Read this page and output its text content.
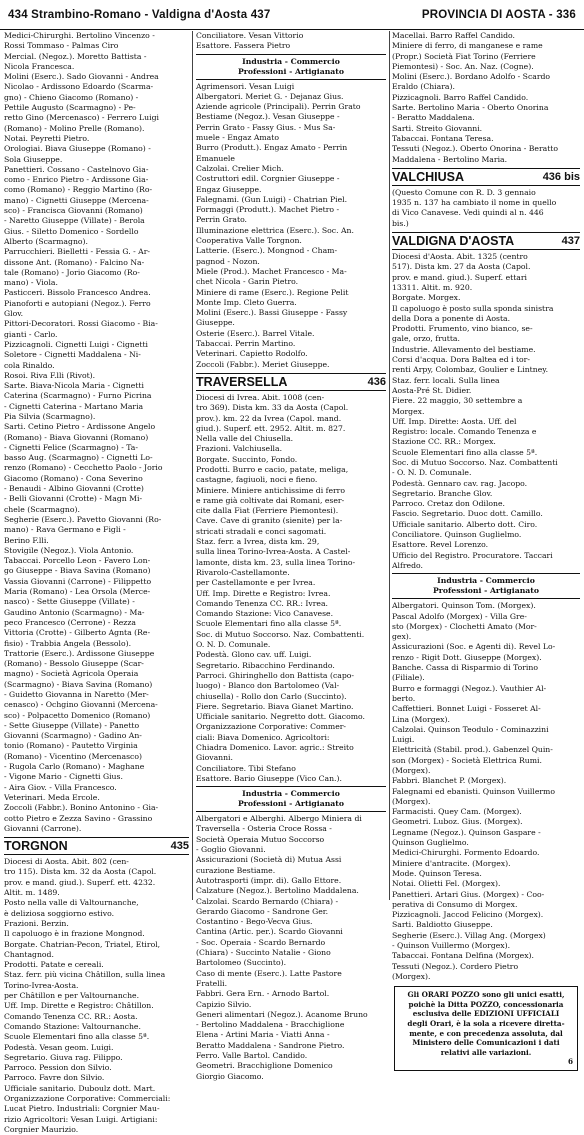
434 Strambino-Romano - Valdigna d'Aosta 437	PROVINCIA DI AOSTA - 336

Medici-Chirurghi. Bertolino Vincenzo -

Rossi Tommaso - Palmas Ciro

Mercial. (Negoz.). Moretto Battista -

Nicola Francesca.

Molini (Eserc.). Sado Giovanni - Andrea

Nicolao - Ardissono Edoardo (Scarma-

gno) - Chieno Giacomo (Romano) -

Pettile Augusto (Scarmagno) - Pe-

retto Gino (Mercenasco) - Ferrero Luigi

(Romano) - Molino Prelle (Romano).

Notai. Peyretti Pietro.

Orologiai. Biava Giuseppe (Romano) -

Sola Giuseppe.

Panettieri. Cossano - Castelnovo Gia-

como - Enrico Pietro - Ardissone Gia-

como (Romano) - Reggio Martino (Ro-

mano) - Cignetti Giuseppe (Mercena-

sco) - Francisca Giovanni (Romano)

- Naretto Giuseppe (Villate) - Berola

Gius. - Siletto Domenico - Sordello

Alberto (Scarmagno).

Parrucchieri. Bielletti - Fessia G. - Ar-

dissone Ant. (Romano) - Falcino Na-

tale (Romano) - Jorio Giacomo (Ro-

mano) - Viola.

Pasticceri. Bissolo Francesco Andrea.

Pianoforti e autopiani (Negoz.). Ferro

Glov.

Pittori-Decoratori. Rossi Giacomo - Bia-

gianti - Carlo.

Pizzicagnoli. Cignetti Luigi - Cignetti

Soletore - Cignetti Maddalena - Ni-

cola Rinaldo.

Rosoi. Riva F.lli (Rivot).

Sarte. Biava-Nicola Maria - Cignetti

Caterina (Scarmagno) - Furno Picrina

- Cignetti Caterina - Martano Maria

Pia Silvia (Scarmagno).

Sarti. Cetino Pietro - Ardissone Angelo

(Romano) - Biava Giovanni (Romano)

- Cignetti Felice (Scarmagno) - Ta-

basso Aug. (Scarmagno) - Cignetti Lo-

renzo (Romano) - Cecchetto Paolo - Jorio

Giacomo (Romano) - Cona Severino

- Benaudi - Albino Giovanni (Crotte)

- Belli Giovanni (Crotte) - Magn Mi-

chele (Scarmagno).

Segherie (Eserc.). Pavetto Giovanni (Ro-

mano) - Rava Germano e Figli -

Berino F.lli.

Stovigile (Negoz.). Viola Antonio.

Tabaccai. Porcello Leon - Favero Lon-

go Giuseppe - Biava Savina (Romano)

Vassia Giovanni (Carrone) - Filippetto

Maria (Romano) - Lea Orsola (Merce-

nasco) - Sette Giuseppe (Villate) -

Gaudino Antonio (Scarmagno) - Ma-

peco Francesco (Cerrone) - Rezza

Vittoria (Crotte) - Gilberto Agnta (Re-

fisio) - Trabbia Angela (Bessolo).

Trattorie (Eserc.). Ardissone Giuseppe

(Romano) - Bessolo Giuseppe (Scar-

magno) - Società Agricola Operaia

(Scarmagno) - Biava Savina (Romano)

- Guidetto Giovanna in Naretto (Mer-

cenasco) - Ochgino Giovanni (Mercena-

sco) - Polpacetto Domenico (Romano)

- Sette Giuseppe (Villate) - Panetto

Giovanni (Scarmagno) - Gadino An-

tonio (Romano) - Pautetto Virginia

(Romano) - Vicentino (Mercenasco)

- Rugola Carlo (Romano) - Maghane

- Vigone Mario - Cignetti Gius.

- Aira Giov. - Villa Francesco.

Veterinari. Meda Ercole.

Zoccoli (Fabbr.). Bonino Antonino - Gia-

cotto Pietro e Zezza Savino - Grassino

Giovanni (Carrone).

TORGNON	435

Diocesi di Aosta. Abit. 802 (cen-

tro 115). Dista km. 32 da Aosta (Capol.

prov. e mand. giud.). Superf. ett. 4232.

Altit. m. 1489.

Posto nella valle di Valtournanche,

è deliziosa soggiorno estivo.

Frazioni. Berzin.

Il capoluogo è in frazione Mongnod.

Borgate. Chatrian-Pecon, Triatel, Etirol,

Chantagnod.

Prodotti. Patate e cereali.

Staz. ferr. più vicina Châtillon, sulla linea

Torino-Ivrea-Aosta.

per Châtillon e per Valtournanche.

Uff. Imp. Dirette e Registro: Châtillon.

Comando Tenenza CC. RR.: Aosta.

Comando Stazione: Valtournanche.

Scuole Elementari fino alla classe 5ª.

Podestà. Vesan geom. Luigi.

Segretario. Giuva rag. Filippo.

Parroco. Pession don Silvio.

Parroco. Favre don Silvio.

Ufficiale sanitario. Duboulz dott. Mart.

Organizzazione Corporative: Commerciali:

Lucat Pietro. Industriali: Corgnier Mau-

rizio Agricoltori: Vesan Luigi. Artigiani:

Corgnier Maurizio.

Conciliatore. Vesan Vittorio

Esattore. Fassera Pietro

Industria - Commercio

Professioni - Artigianato

Agrimensori. Vesan Luigi

Albergatori. Meriet G. - Dejanaz Gius.

Aziende agricole (Principali). Perrin Grato

Bestiame (Negoz.). Vesan Giuseppe -

Perrin Grato - Fassy Gius. - Mus Sa-

muele - Engaz Amato

Burro (Produtt.). Engaz Amato - Perrin

Emanuele

Calzolai. Crelier Mich.

Costruttori edil. Corgnier Giuseppe -

Engaz Giuseppe.

Falegnami. (Gun Luigi) - Chatrian Piel.

Formaggi (Produtt.). Machet Pietro -

Perrin Grato.

Illuminazione elettrica (Eserc.). Soc. An.

Cooperativa Valle Torgnon.

Latterie. (Eserc.). Mongnod - Cham-

pagnod - Nozon.

Miele (Prod.). Machet Francesco - Ma-

chet Nicola - Garin Pietro.

Miniere di rame (Eserc.). Regione Pelit

Monte Imp. Cleto Guerra.

Molini (Eserc.). Bassi Giuseppe - Fassy

Giuseppe.

Osterie (Eserc.). Barrel Vitale.

Tabaccai. Perrin Martino.

Veterinari. Capietto Rodolfo.

Zoccoli (Fabbr.). Meriet Giuseppe.

TRAVERSELLA	436

Diocesi di Ivrea. Abit. 1008 (cen-

tro 369). Dista km. 33 da Aosta (Capol.

prov.). km. 22 da Ivrea (Capol. mand.

giud.). Superf. ett. 2952. Altit. m. 827.

Nella valle del Chiusella.

Frazioni. Valchiusella.

Borgate. Succinto, Fondo.

Prodotti. Burro e cacio, patate, meliga,

castagne, fagiuoli, noci e fieno.

Miniere. Miniere antichissime di ferro

e rame già coltivate dai Romani, eser-

cite dalla Fiat (Ferriere Piemontesi).

Cave. Cave di granito (sienite) per la-

stricati stradali e conci sagomati.

Staz. ferr. a Ivrea, dista km. 29,

sulla linea Torino-Ivrea-Aosta. A Castel-

lamonte, dista km. 23, sulla linea Torino-

Rivarolo-Castellamonte.

per Castellamonte e per Ivrea.

Uff. Imp. Dirette e Registro: Ivrea.

Comando Tenenza CC. RR.: Ivrea.

Comando Stazione: Vico Canavese.

Scuole Elementari fino alla classe 5ª.

Soc. di Mutuo Soccorso. Naz. Combattenti.

O. N. D. Comunale.

Podestà. Glono cav. uff. Luigi.

Segretario. Ribacchino Ferdinando.

Parroci. Ghiringhello don Battista (capo-

luogo) - Blanco don Bartolomeo (Val-

chiusella) - Rollo don Carlo (Succinto).

Fiere. Segretario. Biava Gianet Martino.

Ufficiale sanitario. Negretto dott. Giacomo.

Organizzazione Corporative: Commer-

ciali: Biava Domenico. Agricoltori:

Chiadra Domenico. Lavor. agric.: Streito

Giovanni.

Conciliatore. Tibi Stefano

Esattore. Bario Giuseppe (Vico Can.).

Industria - Commercio

Professioni - Artigianato

Albergatori e Alberghi. Albergo Miniera di

Traversella - Osteria Croce Rossa -

Società Operaia Mutuo Soccorso

- Goglio Giovanni.

Assicurazioni (Società di) Mutua Assi

curazione Bestiame.

Autotrasporti (impr. di). Gallo Ettore.

Calzature (Negoz.). Bertolino Maddalena.

Calzolai. Scardo Bernardo (Chiara) -

Gerardo Giacomo - Sandrone Ger.

Costantino - Bego-Vecva Gius.

Cantina (Artic. per.). Scardo Giovanni

- Soc. Operaia - Scardo Bernardo

(Chiara) - Succinto Natalie - Giono

Bartolomeo (Succinto).

Caso di mente (Eserc.). Latte Pastore

Fratelli.

Fabbri. Gera Ern. - Arnodo Bartol.

Capizio Silvio.

Generi alimentari (Negoz.). Acanome Bruno

- Bertolino Maddalena - Bracchiglione

Elena - Artini Maria - Viatti Anna -

Beratto Maddalena - Sandrone Pietro.

Ferro. Valle Bartol. Candido.

Geometri. Bracchiglione Domenico

Giorgio Giacomo.

Macellai. Barro Raffel Candido.

Miniere di ferro, di manganese e rame

(Propr.) Società Fiat Torino (Ferriere

Piemontesi) - Soc. An. Naz. (Cogne).

Molini (Eserc.). Bordano Adolfo - Scardo

Eraldo (Chiara).

Pizzicagnoli. Barro Raffel Candido.

Sarte. Bertolino Maria - Oberto Onorina

- Beratto Maddalena.

Sarti. Streito Giovanni.

Tabaccai. Fontana Teresa.

Tessuti (Negoz.). Oberto Onorina - Beratto

Maddalena - Bertolino Maria.

VALCHIUSA	436 bis

(Questo Comune con R. D. 3 gennaio

1935 n. 137 ha cambiato il nome in quello

di Vico Canavese. Vedi quindi al n. 446

bis.)

VALDIGNA D'AOSTA	437

Diocesi d'Aosta. Abit. 1325 (centro

517). Dista km. 27 da Aosta (Capol.

prov. e mand. giud.). Superf. ettari

13311. Altit. m. 920.

Borgate. Morgex.

Il capoluogo è posto sulla sponda sinistra

della Dora a ponente di Aosta.

Prodotti. Frumento, vino bianco, se-

gale, orzo, frutta.

Industrie. Allevamento del bestiame.

Corsi d'acqua. Dora Baltea ed i tor-

renti Arpy, Colombaz, Goulier e Lintney.

Staz. ferr. locali. Sulla linea

Aosta-Pré St. Didier.

Fiere. 22 maggio, 30 settembre a

Morgex.

Uff. Imp. Dirette: Aosta. Uff. del

Registro: locale. Comando Tenenza e

Stazione CC. RR.: Morgex.

Scuole Elementari fino alla classe 5ª.

Soc. di Mutuo Soccorso. Naz. Combattenti

- O. N. D. Comunale.

Podestà. Gennaro cav. rag. Jacopo.

Segretario. Branche Glov.

Parroco. Cretaz don Odilone.

Fascio. Segretario. Duoc dott. Camillo.

Ufficiale sanitario. Alberto dott. Ciro.

Conciliatore. Quinson Guglielmo.

Esattore. Revel Lorenzo.

Ufficio del Registro. Procuratore. Taccari

Alfredo.

Industria - Commercio

Professioni - Artigianato

Albergatori. Quinson Tom. (Morgex).

Pascal Adolfo (Morgex) - Villa Gre-

sto (Morgex) - Clochetti Amato (Mor-

gex).

Assicurazioni (Soc. e Agenti di). Revel Lo-

renzo - Rigit Dott. Giuseppe (Morgex).

Banche. Cassa di Risparmio di Torino

(Filiale).

Burro e formaggi (Negoz.). Vauthier Al-

berto.

Caffettieri. Bonnet Luigi - Fosseret Al-

Lina (Morgex).

Calzolai. Quinson Teodulo - Cominazzini

Luigi.

Elettricità (Stabil. prod.). Gabenzel Quin-

son (Morgex) - Società Elettrica Rumi.

(Morgex).

Fabbri. Blanchet P. (Morgex).

Falegnami ed ebanisti. Quinson Vuillermo

(Morgex).

Farmacisti. Quey Cam. (Morgex).

Geometri. Luboz. Gius. (Morgex).

Legname (Negoz.). Quinson Gaspare -

Quinson Guglielmo.

Medici-Chirurghi. Formento Edoardo.

Miniere d'antracite. (Morgex).

Mode. Quinson Teresa.

Notai. Olietti Fel. (Morgex).

Panettieri. Artari Gius. (Morgex) - Coo-

perativa di Consumo di Morgex.

Pizzicagnoli. Jaccod Felicino (Morgex).

Sarti. Baldiotto Giuseppe.

Segherie (Eserc.). Villag Ang. (Morgex)

- Quinson Vuillermo (Morgex).

Tabaccai. Fontana Delfina (Morgex).

Tessuti (Negoz.). Cordero Pietro

(Morgex).

Gli ORARI POZZO sono gli unici esatti,

poichè la Ditta POZZO, concessionaria

esclusiva delle EDIZIONI UFFICIALI

degli Orari, è la sola a ricevere diretta-

mente, e con precedenza assoluta, dal

Ministero delle Comunicazioni i dati

relativi alle variazioni.

6
